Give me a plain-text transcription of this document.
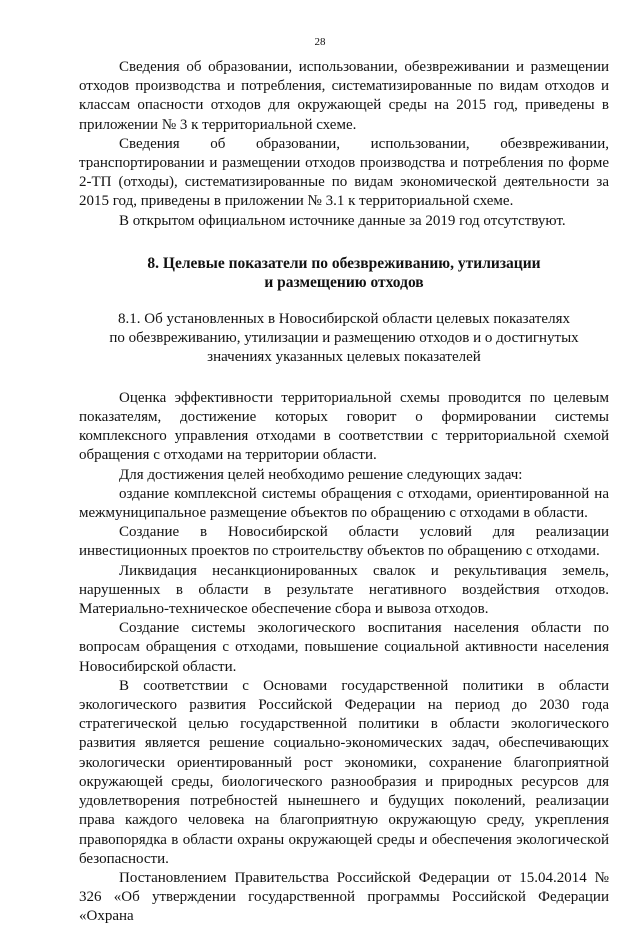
28

Сведения об образовании, использовании, обезвреживании и размещении отходов производства и потребления, систематизированные по видам отходов и классам опасности отходов для окружающей среды на 2015 год, приведены в приложении № 3 к территориальной схеме.

Сведения об образовании, использовании, обезвреживании, транспортировании и размещении отходов производства и потребления по форме 2-ТП (отходы), систематизированные по видам экономической деятельности за 2015 год, приведены в приложении № 3.1 к территориальной схеме.

В открытом официальном источнике данные за 2019 год отсутствуют.

8. Целевые показатели по обезвреживанию, утилизации
и размещению отходов
8.1. Об установленных в Новосибирской области целевых показателях
по обезвреживанию, утилизации и размещению отходов и о достигнутых
значениях указанных целевых показателей

Оценка эффективности территориальной схемы проводится по целевым показателям, достижение которых говорит о формировании системы комплексного управления отходами в соответствии с территориальной схемой обращения с отходами на территории области.

Для достижения целей необходимо решение следующих задач:

оздание комплексной системы обращения с отходами, ориентированной на межмуниципальное размещение объектов по обращению с отходами в области.

Создание в Новосибирской области условий для реализации инвестиционных проектов по строительству объектов по обращению с отходами.

Ликвидация несанкционированных свалок и рекультивация земель, нарушенных в области в результате негативного воздействия отходов. Материально-техническое обеспечение сбора и вывоза отходов.

Создание системы экологического воспитания населения области по вопросам обращения с отходами, повышение социальной активности населения Новосибирской области.

В соответствии с Основами государственной политики в области экологического развития Российской Федерации на период до 2030 года стратегической целью государственной политики в области экологического развития является решение социально-экономических задач, обеспечивающих экологически ориентированный рост экономики, сохранение благоприятной окружающей среды, биологического разнообразия и природных ресурсов для удовлетворения потребностей нынешнего и будущих поколений, реализации права каждого человека на благоприятную окружающую среду, укрепления правопорядка в области охраны окружающей среды и обеспечения экологической безопасности.

Постановлением Правительства Российской Федерации от 15.04.2014 № 326 «Об утверждении государственной программы Российской Федерации «Охрана
